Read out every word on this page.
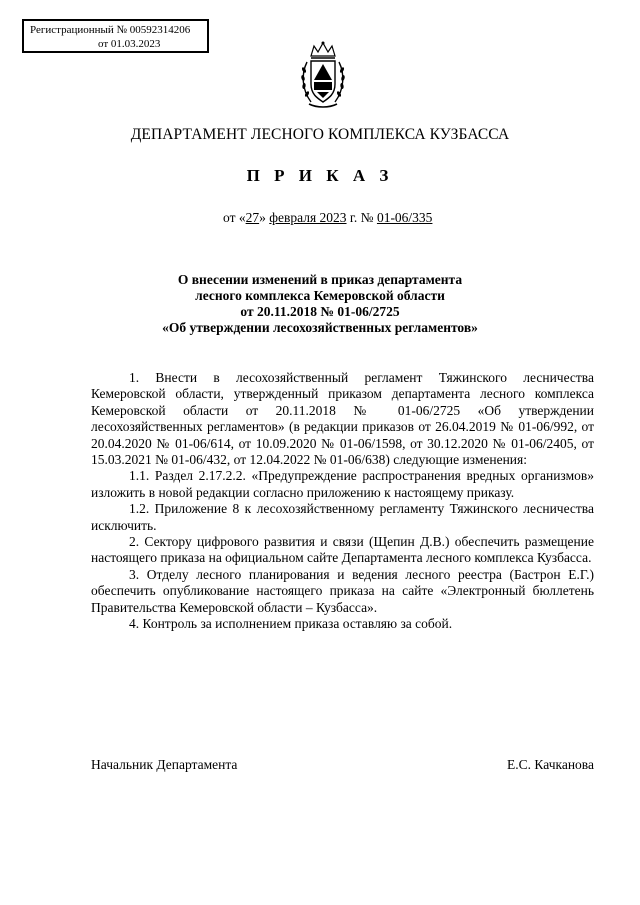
Регистрационный № 00592314206
от 01.03.2023
ДЕПАРТАМЕНТ ЛЕСНОГО КОМПЛЕКСА КУЗБАССА
П Р И К А З
от «27» февраля 2023 г. № 01-06/335
О внесении изменений в приказ департамента
лесного комплекса Кемеровской области
от 20.11.2018 № 01-06/2725
«Об утверждении лесохозяйственных регламентов»

1. Внести в лесохозяйственный регламент Тяжинского лесничества Кемеровской области, утвержденный приказом департамента лесного комплекса Кемеровской области от 20.11.2018 № 01-06/2725 «Об утверждении лесохозяйственных регламентов» (в редакции приказов от 26.04.2019 № 01-06/992, от 20.04.2020 № 01-06/614, от 10.09.2020 № 01-06/1598, от 30.12.2020 № 01-06/2405, от 15.03.2021 № 01-06/432, от 12.04.2022 № 01-06/638) следующие изменения:

1.1. Раздел 2.17.2.2. «Предупреждение распространения вредных организмов» изложить в новой редакции согласно приложению к настоящему приказу.

1.2. Приложение 8 к лесохозяйственному регламенту Тяжинского лесничества исключить.

2. Сектору цифрового развития и связи (Щепин Д.В.) обеспечить размещение настоящего приказа на официальном сайте Департамента лесного комплекса Кузбасса.

3. Отделу лесного планирования и ведения лесного реестра (Бастрон Е.Г.) обеспечить опубликование настоящего приказа на сайте «Электронный бюллетень Правительства Кемеровской области – Кузбасса».

4. Контроль за исполнением приказа оставляю за собой.

Начальник Департамента	Е.С. Качканова
